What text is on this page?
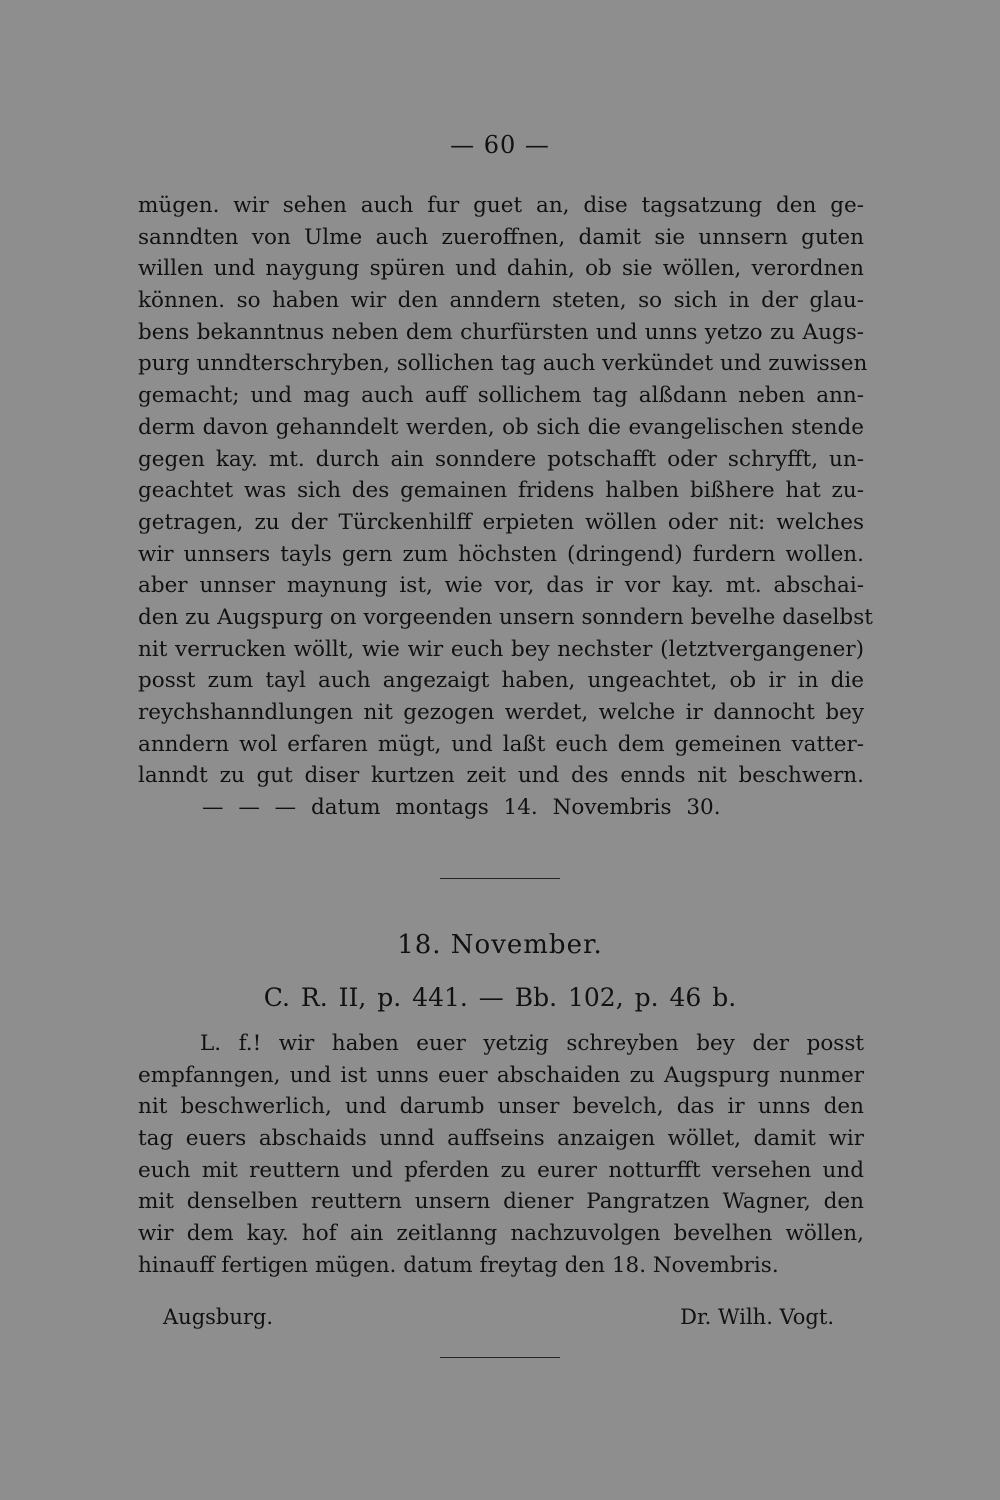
— 60 —
mügen. wir sehen auch fur guet an, dise tagsatzung den ge-
sanndten von Ulme auch zueroffnen, damit sie unnsern guten
willen und naygung spüren und dahin, ob sie wöllen, verordnen
können. so haben wir den anndern steten, so sich in der glau-
bens bekanntnus neben dem churfürsten und unns yetzo zu Augs-
purg unndterschryben, sollichen tag auch verkündet und zuwissen
gemacht; und mag auch auff sollichem tag alßdann neben ann-
derm davon gehanndelt werden, ob sich die evangelischen stende
gegen kay. mt. durch ain sonndere potschafft oder schryfft, un-
geachtet was sich des gemainen fridens halben bißhere hat zu-
getragen, zu der Türckenhilff erpieten wöllen oder nit: welches
wir unnsers tayls gern zum höchsten (dringend) furdern wollen.
aber unnser maynung ist, wie vor, das ir vor kay. mt. abschai-
den zu Augspurg on vorgeenden unsern sonndern bevelhe daselbst
nit verrucken wöllt, wie wir euch bey nechster (letztvergangener)
posst zum tayl auch angezaigt haben, ungeachtet, ob ir in die
reychshanndlungen nit gezogen werdet, welche ir dannocht bey
anndern wol erfaren mügt, und laßt euch dem gemeinen vatter-
lanndt zu gut diser kurtzen zeit und des ennds nit beschwern.
— — — datum montags 14. Novembris 30.
18. November.
C. R. II, p. 441. — Bb. 102, p. 46 b.
L. f.! wir haben euer yetzig schreyben bey der posst
empfanngen, und ist unns euer abschaiden zu Augspurg nunmer
nit beschwerlich, und darumb unser bevelch, das ir unns den
tag euers abschaids unnd auffseins anzaigen wöllet, damit wir
euch mit reuttern und pferden zu eurer notturfft versehen und
mit denselben reuttern unsern diener Pangratzen Wagner, den
wir dem kay. hof ain zeitlanng nachzuvolgen bevelhen wöllen,
hinauff fertigen mügen. datum freytag den 18. Novembris.
Augsburg.	Dr. Wilh. Vogt.
